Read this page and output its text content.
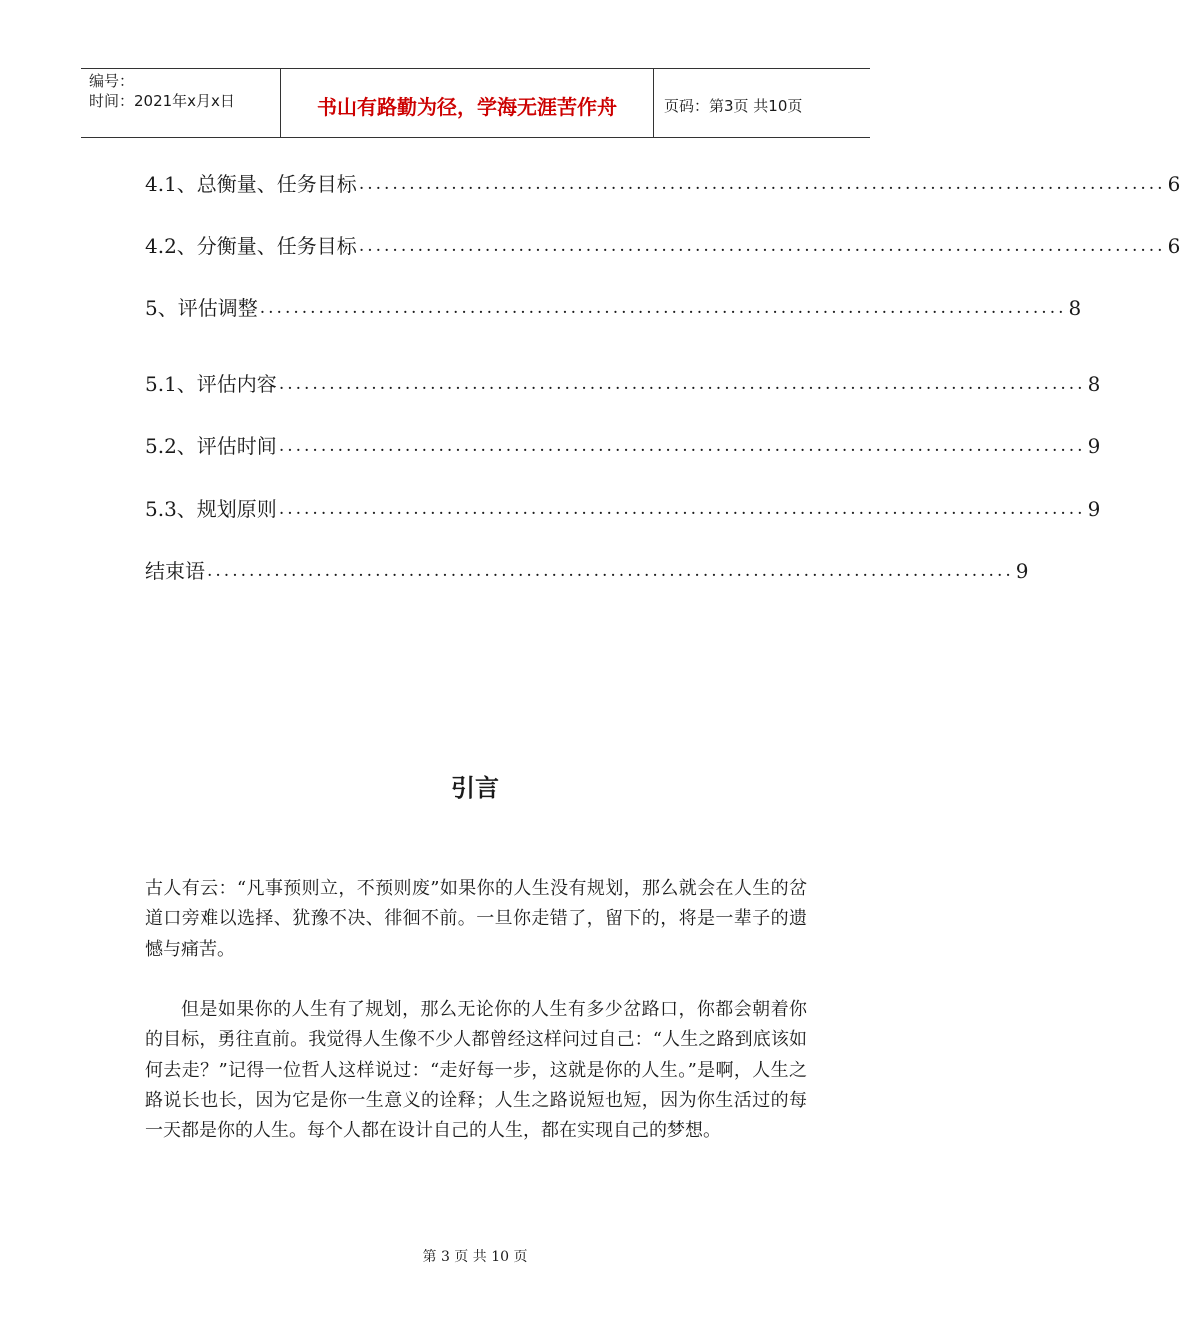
编号：
时间：2021年x月x日	书山有路勤为径，学海无涯苦作舟	页码：第3页 共10页
4.1、总衡量、任务目标 ................................................................................................ 6
4.2、分衡量、任务目标 ................................................................................................ 6
5、评估调整 ................................................................................................ 8
5.1、评估内容 ................................................................................................ 8
5.2、评估时间 ................................................................................................ 9
5.3、规划原则 ................................................................................................ 9
结束语 ................................................................................................ 9
引言
古人有云：“凡事预则立，不预则废”如果你的人生没有规划，那么就会在人生的岔道口旁难以选择、犹豫不决、徘徊不前。一旦你走错了，留下的，将是一辈子的遗憾与痛苦。
但是如果你的人生有了规划，那么无论你的人生有多少岔路口，你都会朝着你的目标，勇往直前。我觉得人生像不少人都曾经这样问过自己：“人生之路到底该如何去走？”记得一位哲人这样说过：“走好每一步，这就是你的人生。”是啊，人生之路说长也长，因为它是你一生意义的诠释；人生之路说短也短，因为你生活过的每一天都是你的人生。每个人都在设计自己的人生，都在实现自己的梦想。
第 3 页 共 10 页
